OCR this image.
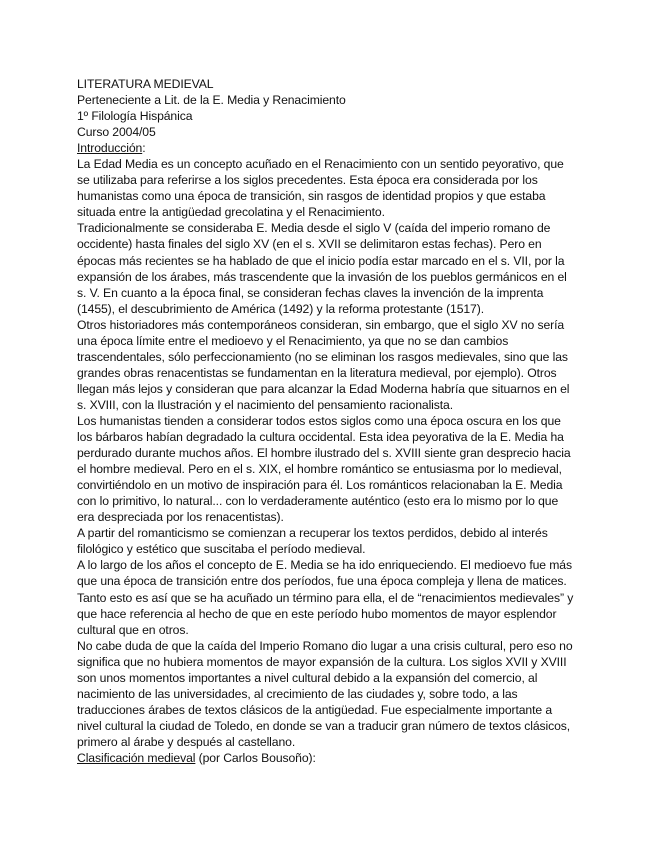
LITERATURA MEDIEVAL
Perteneciente a Lit. de la E. Media y Renacimiento
1º Filología Hispánica
Curso 2004/05
Introducción:

La Edad Media es un concepto acuñado en el Renacimiento con un sentido peyorativo, que se utilizaba para referirse a los siglos precedentes. Esta época era considerada por los humanistas como una época de transición, sin rasgos de identidad propios y que estaba situada entre la antigüedad grecolatina y el Renacimiento.

Tradicionalmente se consideraba E. Media desde el siglo V (caída del imperio romano de occidente) hasta finales del siglo XV (en el s. XVII se delimitaron estas fechas). Pero en épocas más recientes se ha hablado de que el inicio podía estar marcado en el s. VII, por la expansión de los árabes, más trascendente que la invasión de los pueblos germánicos en el s. V. En cuanto a la época final, se consideran fechas claves la invención de la imprenta (1455), el descubrimiento de América (1492) y la reforma protestante (1517).

Otros historiadores más contemporáneos consideran, sin embargo, que el siglo XV no sería una época límite entre el medioevo y el Renacimiento, ya que no se dan cambios trascendentales, sólo perfeccionamiento (no se eliminan los rasgos medievales, sino que las grandes obras renacentistas se fundamentan en la literatura medieval, por ejemplo). Otros llegan más lejos y consideran que para alcanzar la Edad Moderna habría que situarnos en el s. XVIII, con la Ilustración y el nacimiento del pensamiento racionalista.

Los humanistas tienden a considerar todos estos siglos como una época oscura en los que los bárbaros habían degradado la cultura occidental. Esta idea peyorativa de la E. Media ha perdurado durante muchos años. El hombre ilustrado del s. XVIII siente gran desprecio hacia el hombre medieval. Pero en el s. XIX, el hombre romántico se entusiasma por lo medieval, convirtiéndolo en un motivo de inspiración para él. Los románticos relacionaban la E. Media con lo primitivo, lo natural... con lo verdaderamente auténtico (esto era lo mismo por lo que era despreciada por los renacentistas).

A partir del romanticismo se comienzan a recuperar los textos perdidos, debido al interés filológico y estético que suscitaba el período medieval.

A lo largo de los años el concepto de E. Media se ha ido enriqueciendo. El medioevo fue más que una época de transición entre dos períodos, fue una época compleja y llena de matices. Tanto esto es así que se ha acuñado un término para ella, el de “renacimientos medievales” y que hace referencia al hecho de que en este período hubo momentos de mayor esplendor cultural que en otros.

No cabe duda de que la caída del Imperio Romano dio lugar a una crisis cultural, pero eso no significa que no hubiera momentos de mayor expansión de la cultura. Los siglos XVII y XVIII son unos momentos importantes a nivel cultural debido a la expansión del comercio, al nacimiento de las universidades, al crecimiento de las ciudades y, sobre todo, a las traducciones árabes de textos clásicos de la antigüedad. Fue especialmente importante a nivel cultural la ciudad de Toledo, en donde se van a traducir gran número de textos clásicos, primero al árabe y después al castellano.

Clasificación medieval (por Carlos Bousoño):
